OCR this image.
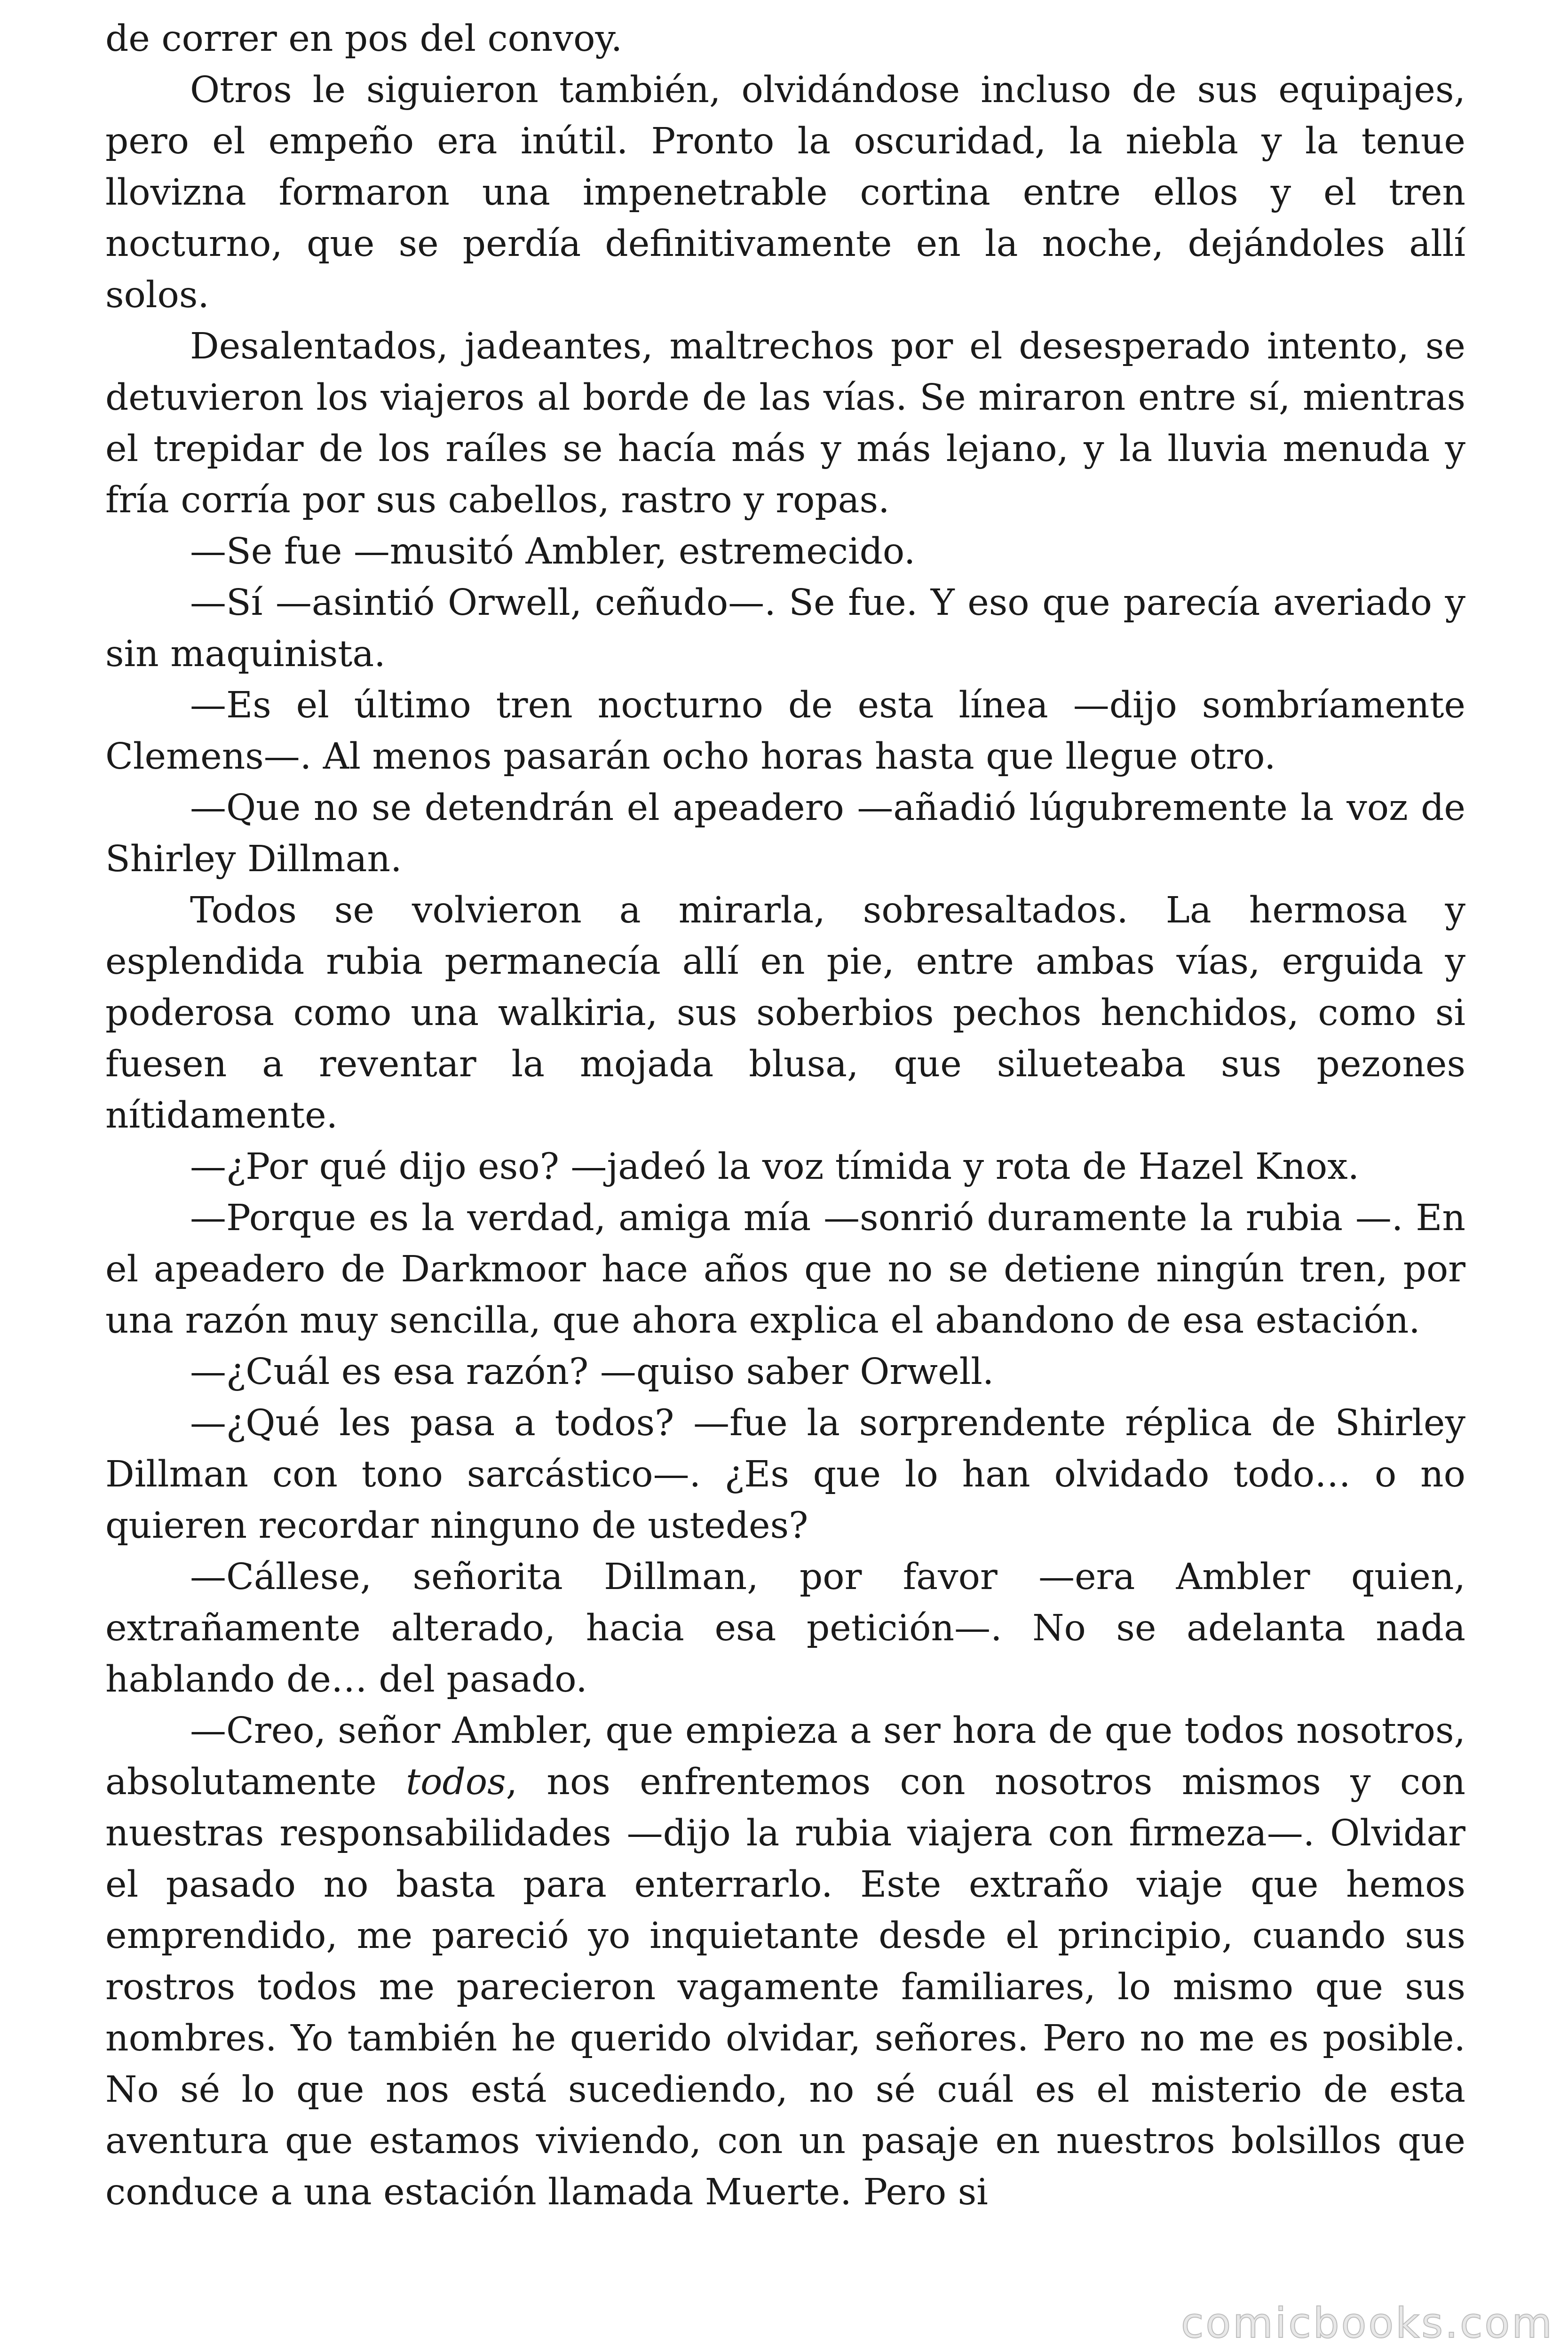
de correr en pos del convoy.

Otros le siguieron también, olvidándose incluso de sus equipajes, pero el empeño era inútil. Pronto la oscuridad, la niebla y la tenue llovizna formaron una impenetrable cortina entre ellos y el tren nocturno, que se perdía definitivamente en la noche, dejándoles allí solos.

Desalentados, jadeantes, maltrechos por el desesperado intento, se detuvieron los viajeros al borde de las vías. Se miraron entre sí, mientras el trepidar de los raíles se hacía más y más lejano, y la lluvia menuda y fría corría por sus cabellos, rastro y ropas.

—Se fue —musitó Ambler, estremecido.

—Sí —asintió Orwell, ceñudo—. Se fue. Y eso que parecía averiado y sin maquinista.

—Es el último tren nocturno de esta línea —dijo sombríamente Clemens—. Al menos pasarán ocho horas hasta que llegue otro.

—Que no se detendrán el apeadero —añadió lúgubremente la voz de Shirley Dillman.

Todos se volvieron a mirarla, sobresaltados. La hermosa y esplendida rubia permanecía allí en pie, entre ambas vías, erguida y poderosa como una walkiria, sus soberbios pechos henchidos, como si fuesen a reventar la mojada blusa, que silueteaba sus pezones nítidamente.

—¿Por qué dijo eso? —jadeó la voz tímida y rota de Hazel Knox.

—Porque es la verdad, amiga mía —sonrió duramente la rubia —. En el apeadero de Darkmoor hace años que no se detiene ningún tren, por una razón muy sencilla, que ahora explica el abandono de esa estación.

—¿Cuál es esa razón? —quiso saber Orwell.

—¿Qué les pasa a todos? —fue la sorprendente réplica de Shirley Dillman con tono sarcástico—. ¿Es que lo han olvidado todo… o no quieren recordar ninguno de ustedes?

—Cállese, señorita Dillman, por favor —era Ambler quien, extrañamente alterado, hacia esa petición—. No se adelanta nada hablando de… del pasado.

—Creo, señor Ambler, que empieza a ser hora de que todos nosotros, absolutamente todos, nos enfrentemos con nosotros mismos y con nuestras responsabilidades —dijo la rubia viajera con firmeza—. Olvidar el pasado no basta para enterrarlo. Este extraño viaje que hemos emprendido, me pareció yo inquietante desde el principio, cuando sus rostros todos me parecieron vagamente familiares, lo mismo que sus nombres. Yo también he querido olvidar, señores. Pero no me es posible. No sé lo que nos está sucediendo, no sé cuál es el misterio de esta aventura que estamos viviendo, con un pasaje en nuestros bolsillos que conduce a una estación llamada Muerte. Pero si

comicbooks.com
